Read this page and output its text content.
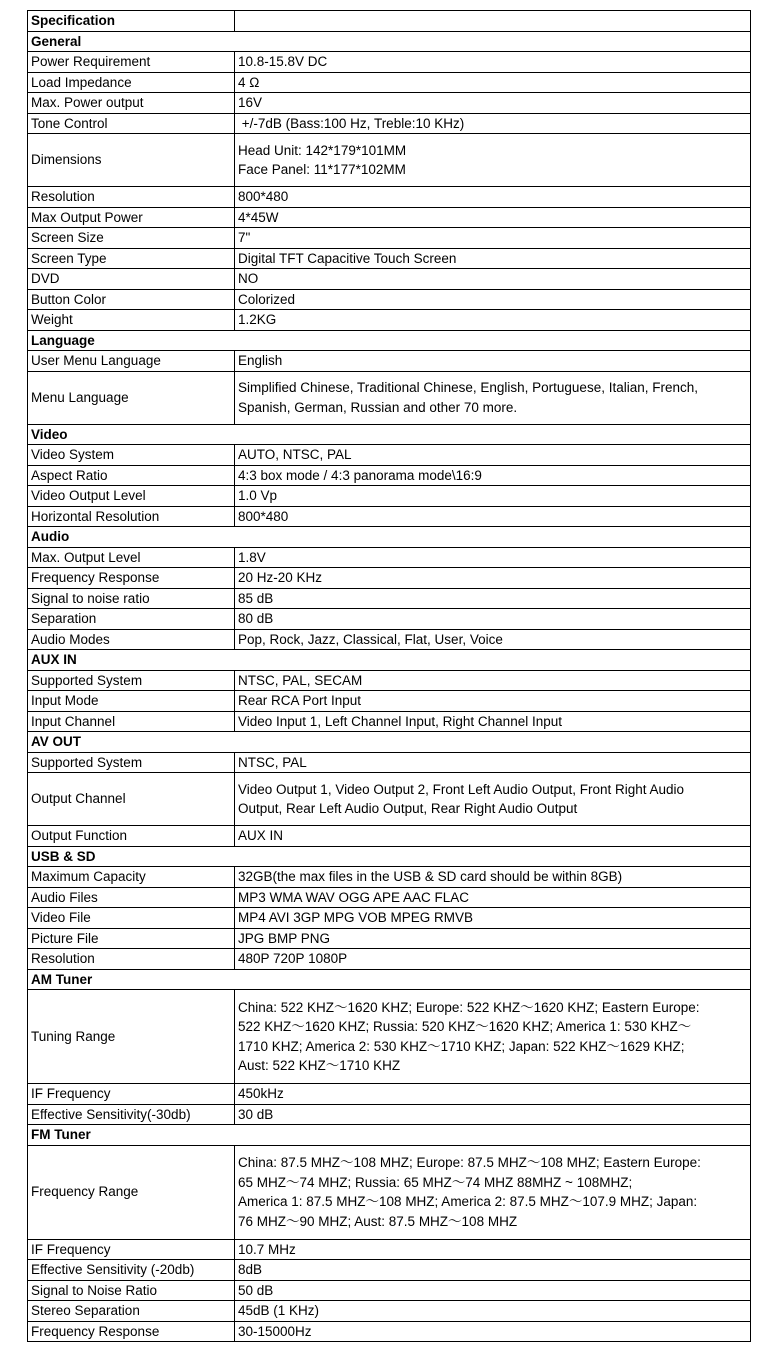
Specification	
General	
Power Requirement	10.8-15.8V DC
Load Impedance	4 Ω
Max. Power output	16V
Tone Control	+/-7dB (Bass:100 Hz, Treble:10 KHz)
Dimensions	Head Unit: 142*179*101MM
Face Panel: 11*177*102MM

Resolution	800*480
Max Output Power	4*45W
Screen Size	7"
Screen Type	Digital TFT Capacitive Touch Screen
DVD	NO
Button Color	Colorized
Weight	1.2KG
Language	
User Menu Language	English
Menu Language	Simplified Chinese, Traditional Chinese, English, Portuguese, Italian, French,
Spanish, German, Russian and other 70 more.

Video	
Video System	AUTO, NTSC, PAL
Aspect Ratio	4:3 box mode / 4:3 panorama mode\16:9
Video Output Level	1.0 Vp
Horizontal Resolution	800*480
Audio	
Max. Output Level	1.8V
Frequency Response	20 Hz-20 KHz
Signal to noise ratio	85 dB
Separation	80 dB
Audio Modes	Pop, Rock, Jazz, Classical, Flat, User, Voice
AUX IN	
Supported System	NTSC, PAL, SECAM
Input Mode	Rear RCA Port Input
Input Channel	Video Input 1, Left Channel Input, Right Channel Input
AV OUT	
Supported System	NTSC, PAL
Output Channel	Video Output 1, Video Output 2, Front Left Audio Output, Front Right Audio
Output, Rear Left Audio Output, Rear Right Audio Output

Output Function	AUX IN
USB & SD	
Maximum Capacity	32GB(the max files in the USB & SD card should be within 8GB)
Audio Files	MP3 WMA WAV OGG APE AAC FLAC
Video File	MP4 AVI 3GP MPG VOB MPEG RMVB
Picture File	JPG BMP PNG
Resolution	480P 720P 1080P
AM Tuner	
Tuning Range	China: 522 KHZ～1620 KHZ; Europe: 522 KHZ～1620 KHZ; Eastern Europe:
522 KHZ～1620 KHZ; Russia: 520 KHZ～1620 KHZ; America 1: 530 KHZ～
1710 KHZ; America 2: 530 KHZ～1710 KHZ; Japan: 522 KHZ～1629 KHZ;
Aust: 522 KHZ～1710 KHZ

IF Frequency	450kHz
Effective Sensitivity(-30db)	30 dB
FM Tuner	
Frequency Range	China: 87.5 MHZ～108 MHZ; Europe: 87.5 MHZ～108 MHZ; Eastern Europe:
65 MHZ～74 MHZ; Russia: 65 MHZ～74 MHZ 88MHZ ~ 108MHZ;
America 1: 87.5 MHZ～108 MHZ; America 2: 87.5 MHZ～107.9 MHZ; Japan:
76 MHZ～90 MHZ; Aust: 87.5 MHZ～108 MHZ

IF Frequency	10.7 MHz
Effective Sensitivity (-20db)	8dB
Signal to Noise Ratio	50 dB
Stereo Separation	45dB (1 KHz)
Frequency Response	30-15000Hz
